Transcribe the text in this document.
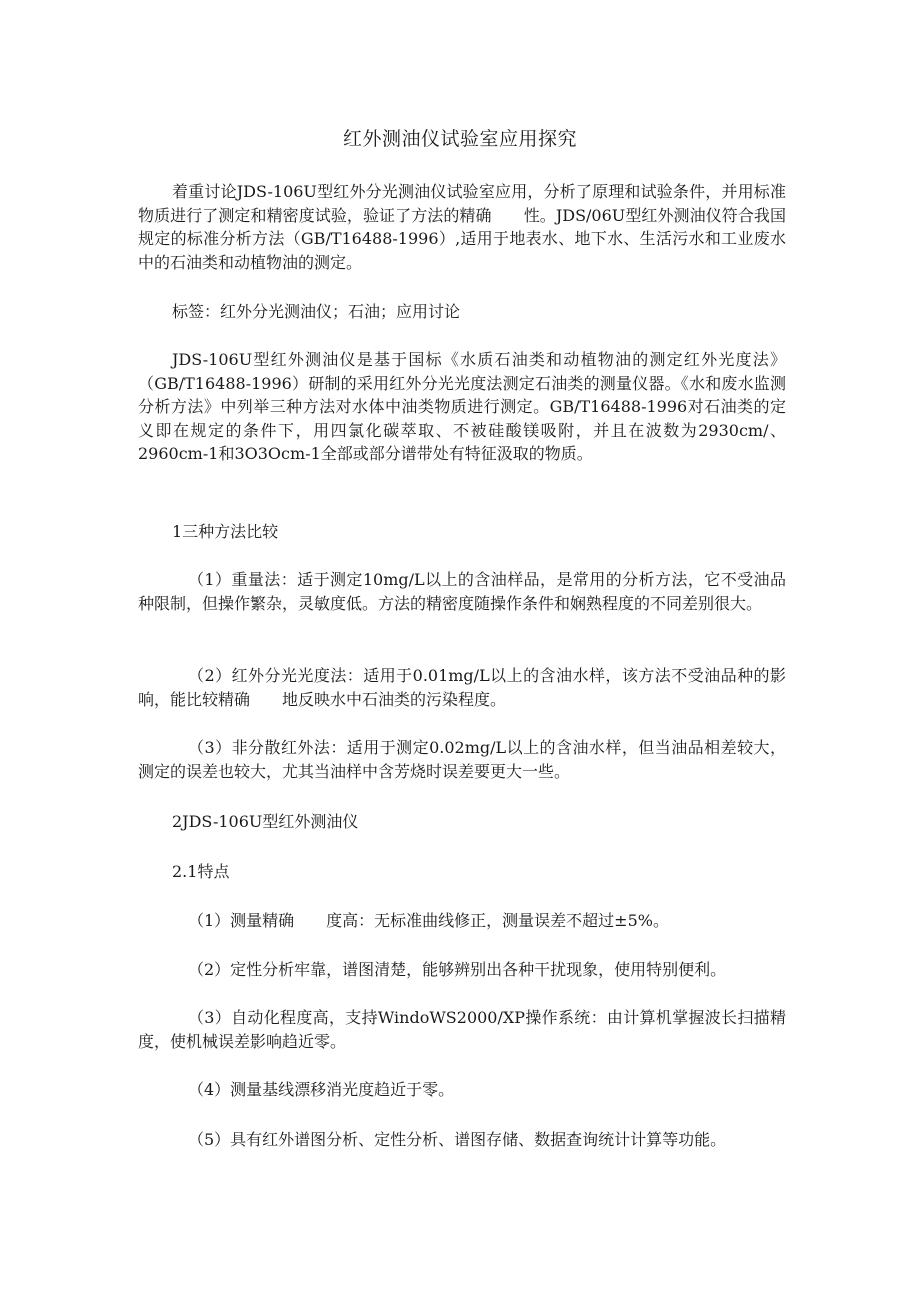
红外测油仪试验室应用探究

着重讨论JDS-106U型红外分光测油仪试验室应用，分析了原理和试验条件，并用标准物质进行了测定和精密度试验，验证了方法的精确　　性。JDS/06U型红外测油仪符合我国规定的标准分析方法（GB/T16488-1996）,适用于地表水、地下水、生活污水和工业废水中的石油类和动植物油的测定。

标签：红外分光测油仪；石油；应用讨论

JDS-106U型红外测油仪是基于国标《水质石油类和动植物油的测定红外光度法》（GB/T16488-1996）研制的采用红外分光光度法测定石油类的测量仪器。《水和废水监测分析方法》中列举三种方法对水体中油类物质进行测定。GB/T16488-1996对石油类的定义即在规定的条件下，用四氯化碳萃取、不被硅酸镁吸附，并且在波数为2930cm/、2960cm-1和3O3Ocm-1全部或部分谱带处有特征汲取的物质。

1三种方法比较

（1）重量法：适于测定10mg/L以上的含油样品，是常用的分析方法，它不受油品种限制，但操作繁杂，灵敏度低。方法的精密度随操作条件和娴熟程度的不同差别很大。

（2）红外分光光度法：适用于0.01mg/L以上的含油水样，该方法不受油品种的影响，能比较精确　　地反映水中石油类的污染程度。

（3）非分散红外法：适用于测定0.02mg/L以上的含油水样，但当油品相差较大，测定的误差也较大，尤其当油样中含芳烧时误差要更大一些。

2JDS-106U型红外测油仪

2.1特点

（1）测量精确　　度高：无标准曲线修正，测量误差不超过±5%。

（2）定性分析牢靠，谱图清楚，能够辨别出各种干扰现象，使用特别便利。

（3）自动化程度高，支持WindoWS2000/XP操作系统：由计算机掌握波长扫描精度，使机械误差影响趋近零。

（4）测量基线漂移消光度趋近于零。

（5）具有红外谱图分析、定性分析、谱图存储、数据查询统计计算等功能。
